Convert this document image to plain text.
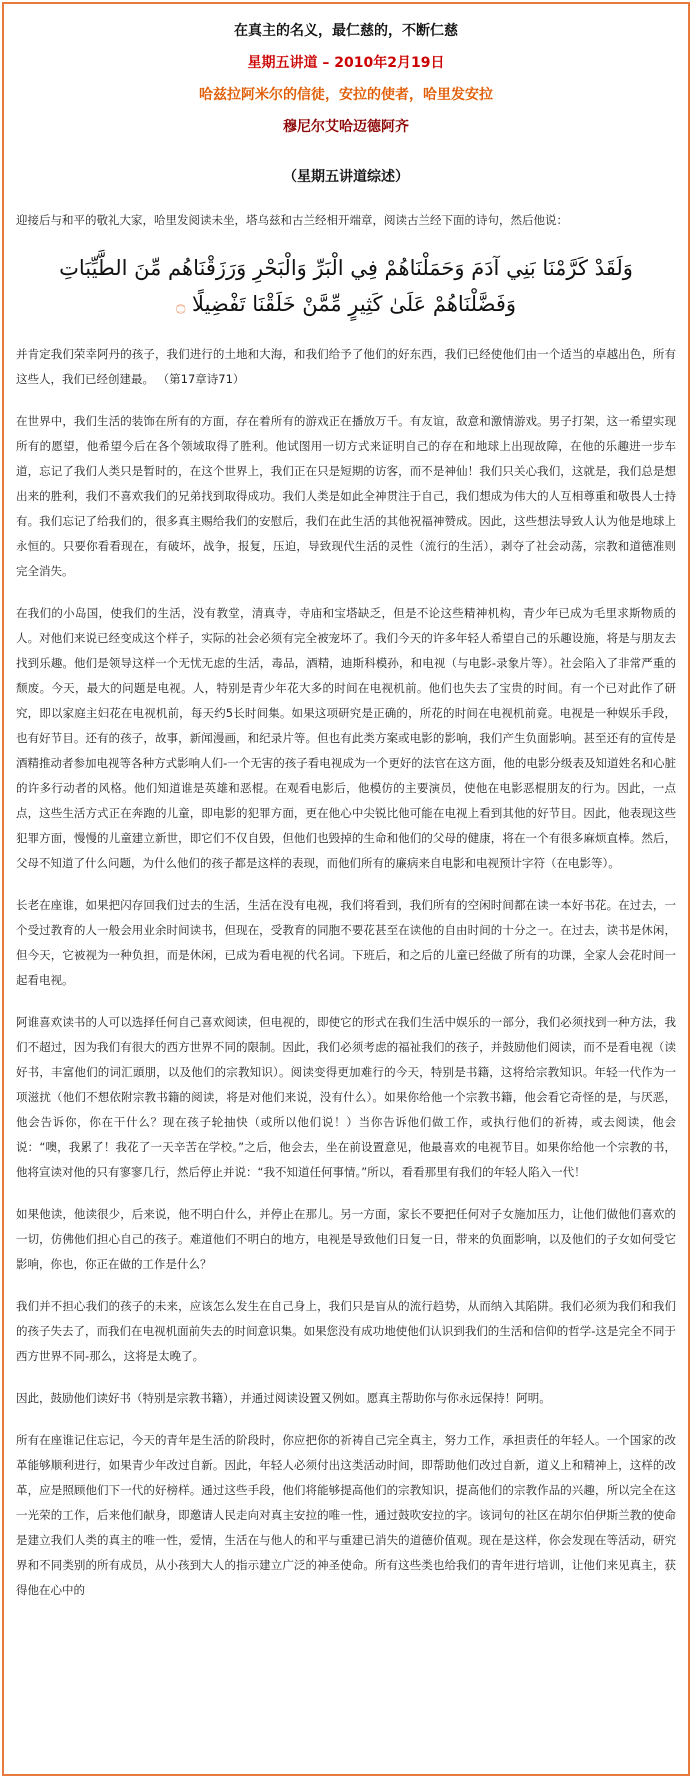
在真主的名义，最仁慈的，不断仁慈
星期五讲道 – 2010年2月19日
哈兹拉阿米尔的信徒，安拉的使者，哈里发安拉
穆尼尔艾哈迈德阿齐
（星期五讲道综述）

迎接后与和平的敬礼大家，哈里发阅读未坐，塔乌兹和古兰经相开端章，阅读古兰经下面的诗句，然后他说：

وَلَقَدْ كَرَّمْنَا بَنِي آدَمَ وَحَمَلْنَاهُمْ فِي الْبَرِّ وَالْبَحْرِ وَرَزَقْنَاهُم مِّنَ الطَّيِّبَاتِ وَفَضَّلْنَاهُمْ عَلَىٰ كَثِيرٍ مِّمَّنْ خَلَقْنَا تَفْضِيلًا ۝

并肯定我们荣幸阿丹的孩子，我们进行的土地和大海，和我们给予了他们的好东西，我们已经使他们由一个适当的卓越出色，所有这些人，我们已经创建最。 （第17章诗71）

在世界中，我们生活的装饰在所有的方面，存在着所有的游戏正在播放万千。有友谊，敌意和激情游戏。男子打架，这一希望实现所有的愿望，他希望今后在各个领域取得了胜利。他试图用一切方式来证明自己的存在和地球上出现故障，在他的乐趣进一步车道，忘记了我们人类只是暂时的，在这个世界上，我们正在只是短期的访客，而不是神仙！我们只关心我们，这就是，我们总是想出来的胜利，我们不喜欢我们的兄弟找到取得成功。我们人类是如此全神贯注于自己，我们想成为伟大的人互相尊重和敬畏人士持有。我们忘记了给我们的，很多真主赐给我们的安慰后，我们在此生活的其他祝福神赞成。因此，这些想法导致人认为他是地球上永恒的。只要你看看现在，有破坏，战争，报复，压迫，导致现代生活的灵性（流行的生活），剥夺了社会动荡，宗教和道德准则完全消失。

在我们的小岛国，使我们的生活，没有教堂，清真寺，寺庙和宝塔缺乏，但是不论这些精神机构，青少年已成为毛里求斯物质的人。对他们来说已经变成这个样子，实际的社会必须有完全被宠坏了。我们今天的许多年轻人希望自己的乐趣设施，将是与朋友去找到乐趣。他们是领导这样一个无忧无虑的生活，毒品，酒精，迪斯科模孙，和电视（与电影-录象片等）。社会陷入了非常严重的颓废。今天，最大的问题是电视。人，特别是青少年花大多的时间在电视机前。他们也失去了宝贵的时间。有一个已对此作了研究，即以家庭主妇花在电视机前，每天约5长时间集。如果这项研究是正确的，所花的时间在电视机前竟。电视是一种娱乐手段，也有好节目。还有的孩子，故事，新闻漫画，和纪录片等。但也有此类方案或电影的影响，我们产生负面影响。甚至还有的宣传是酒精推动者参加电视等各种方式影响人们-一个无害的孩子看电视成为一个更好的法官在这方面，他的电影分级表及知道姓名和心脏的许多行动者的风格。他们知道谁是英雄和恶棍。在观看电影后，他模仿的主要演员，使他在电影恶棍朋友的行为。因此，一点点，这些生活方式正在奔跑的儿童，即电影的犯罪方面，更在他心中尖锐比他可能在电视上看到其他的好节目。因此，他表现这些犯罪方面，慢慢的儿童建立新世，即它们不仅自毁，但他们也毁掉的生命和他们的父母的健康，将在一个有很多麻烦直棒。然后，父母不知道了什么问题，为什么他们的孩子都是这样的表现，而他们所有的廉病来自电影和电视预计字符（在电影等）。

长老在座谁，如果把闪存回我们过去的生活，生活在没有电视，我们将看到，我们所有的空闲时间都在读一本好书花。在过去，一个受过教育的人一般会用业余时间读书，但现在，受教育的同胞不要花甚至在读他的自由时间的十分之一。在过去，读书是休闲，但今天，它被视为一种负担，而是休闲，已成为看电视的代名词。下班后，和之后的儿童已经做了所有的功课，全家人会花时间一起看电视。

阿谁喜欢读书的人可以选择任何自己喜欢阅读，但电视的，即使它的形式在我们生活中娱乐的一部分，我们必须找到一种方法，我们不超过，因为我们有很大的西方世界不同的限制。因此，我们必须考虑的福祉我们的孩子，并鼓励他们阅读，而不是看电视（读好书，丰富他们的词汇頭朋，以及他们的宗教知识）。阅读变得更加难行的今天，特别是书籍，这将给宗教知识。年轻一代作为一项滋扰（他们不想依附宗教书籍的阅读，将是对他们来说，没有什么）。如果你给他一个宗教书籍，他会看它奇怪的是，与厌恶，他会告诉你，你在干什么？现在孩子轮抽快（或所以他们说！）当你告诉他们做工作，或执行他们的祈祷，或去阅读，他会说：“噢，我累了！我花了一天辛苦在学校。”之后，他会去，坐在前设置意见，他最喜欢的电视节目。如果你给他一个宗教的书，他将宣读对他的只有寥寥几行，然后停止并说：“我不知道任何事情。”所以，看看那里有我们的年轻人陷入一代！

如果他读，他读很少，后来说，他不明白什么，并停止在那儿。另一方面，家长不要把任何对子女施加压力，让他们做他们喜欢的一切，仿佛他们担心自己的孩子。难道他们不明白的地方，电视是导致他们日复一日，带来的负面影响，以及他们的子女如何受它影响，你也，你正在做的工作是什么？

我们并不担心我们的孩子的未来，应该怎么发生在自己身上，我们只是盲从的流行趋势，从而纳入其陷阱。我们必须为我们和我们的孩子失去了，而我们在电视机面前失去的时间意识集。如果您没有成功地使他们认识到我们的生活和信仰的哲学-这是完全不同于西方世界不同-那么，这将是太晚了。

因此，鼓励他们读好书（特别是宗教书籍），并通过阅读设置又例如。愿真主帮助你与你永远保持！阿明。

所有在座谁记住忘记，今天的青年是生活的阶段时，你应把你的祈祷自己完全真主，努力工作，承担责任的年轻人。一个国家的改革能够顺利进行，如果青少年改过自新。因此，年轻人必须付出这类活动时间，即帮助他们改过自新，道义上和精神上，这样的改革，应是照顾他们下一代的好榜样。通过这些手段，他们将能够提高他们的宗教知识，提高他们的宗教作品的兴趣，所以完全在这一光荣的工作，后来他们献身，即邀请人民走向对真主安拉的唯一性，通过鼓吹安拉的字。该词句的社区在胡尔伯伊斯兰教的使命是建立我们人类的真主的唯一性，爱情，生活在与他人的和平与重建已消失的道德价值观。现在是这样，你会发现在等活动，研究界和不同类别的所有成员，从小孩到大人的指示建立广泛的神圣使命。所有这些类也给我们的青年进行培训，让他们来见真主，获得他在心中的
